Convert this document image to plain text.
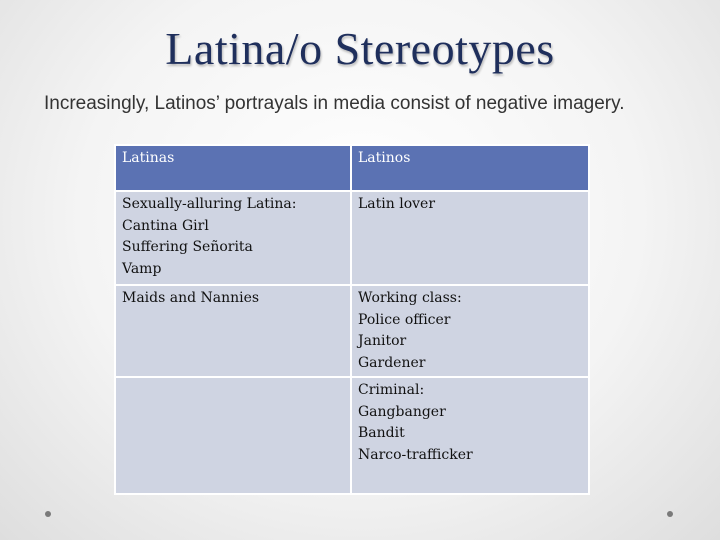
Latina/o Stereotypes
Increasingly, Latinos’ portrayals in media consist of negative imagery.
Latinas	Latinos

Sexually-alluring Latina:
Cantina Girl
Suffering Señorita
Vamp	Latin lover

Maids and Nannies	Working class:
Police officer
Janitor
Gardener

	Criminal:
Gangbanger
Bandit
Narco-trafficker
